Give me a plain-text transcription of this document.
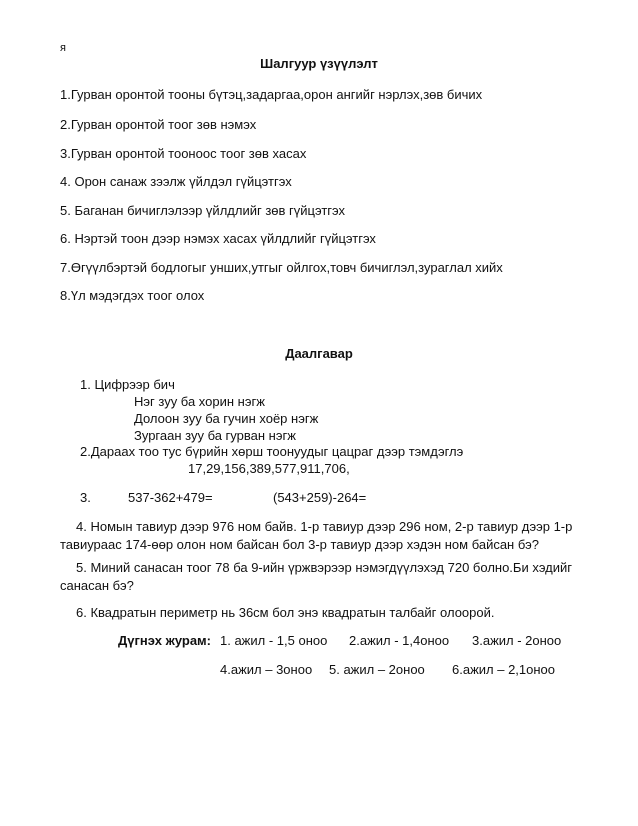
я
Шалгуур үзүүлэлт
1.Гурван оронтой тооны бүтэц,задаргаа,орон ангийг нэрлэх,зөв бичих
2.Гурван оронтой тоог зөв нэмэх
3.Гурван оронтой тоонoос тоог зөв хасах
4. Орон санаж зээлж үйлдэл гүйцэтгэх
5. Баганан бичиглэлээр үйлдлийг зөв гүйцэтгэх
6. Нэртэй тоон дээр нэмэх хасах үйлдлийг гүйцэтгэх
7.Өгүүлбэртэй бодлогыг унших,утгыг ойлгох,товч бичиглэл,зураглал хийх
8.Үл мэдэгдэх тоог олох
Даалгавар
1. Цифрээр бич
Нэг зуу ба хорин нэгж
Долоон зуу ба гучин хоёр нэгж
Зургаан зуу ба гурван нэгж
2.Дараах тоо тус бүрийн хөрш тоонуудыг цацраг дээр тэмдэглэ
17,29,156,389,577,911,706,
3.	537-362+479=	(543+259)-264=
4. Номын тавиур дээр 976 ном байв. 1-р тавиур дээр 296 ном, 2-р тавиур дээр 1-р
тавиураас 174-өөр олон ном байсан бол 3-р тавиур дээр хэдэн ном байсан бэ?
5. Миний санасан тоог 78 ба 9-ийн үржвэрээр нэмэгдүүлэхэд 720 болно.Би хэдийг
санасан бэ?
6. Квадратын периметр нь 36см бол энэ квадратын талбайг олоорой.
Дүгнэх журам: 1. ажил - 1,5 оноо 2.ажил - 1,4оноо 3.ажил - 2оноо
4.ажил – 3оноо 5. ажил – 2оноо 6.ажил – 2,1оноо
